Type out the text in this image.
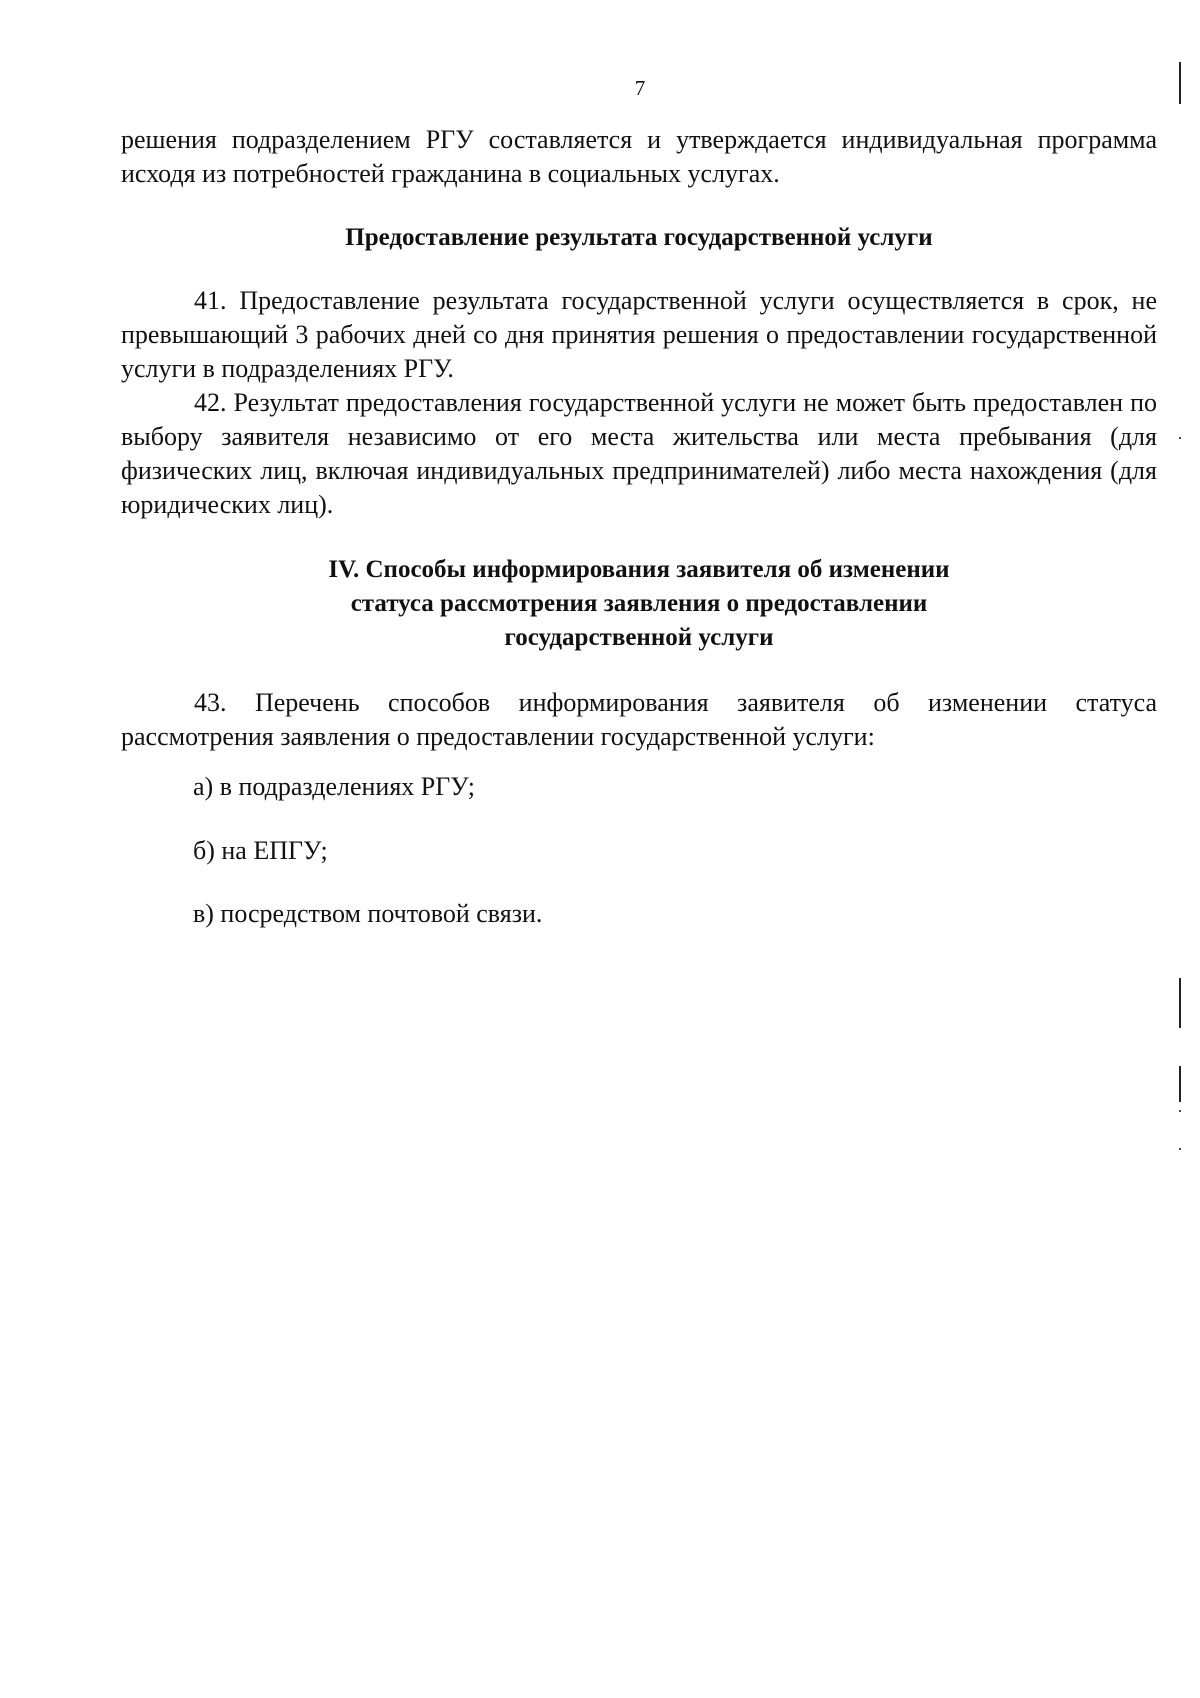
7

решения подразделением РГУ составляется и утверждается индивидуальная программа исходя из потребностей гражданина в социальных услугах.

Предоставление результата государственной услуги

41. Предоставление результата государственной услуги осуществляется в срок, не превышающий 3 рабочих дней со дня принятия решения о предоставлении государственной услуги в подразделениях РГУ.

42. Результат предоставления государственной услуги не может быть предоставлен по выбору заявителя независимо от его места жительства или места пребывания (для физических лиц, включая индивидуальных предпринимателей) либо места нахождения (для юридических лиц).

IV. Способы информирования заявителя об изменении
статуса рассмотрения заявления о предоставлении
государственной услуги

43. Перечень способов информирования заявителя об изменении статуса рассмотрения заявления о предоставлении государственной услуги:

а) в подразделениях РГУ;
б) на ЕПГУ;
в) посредством почтовой связи.
